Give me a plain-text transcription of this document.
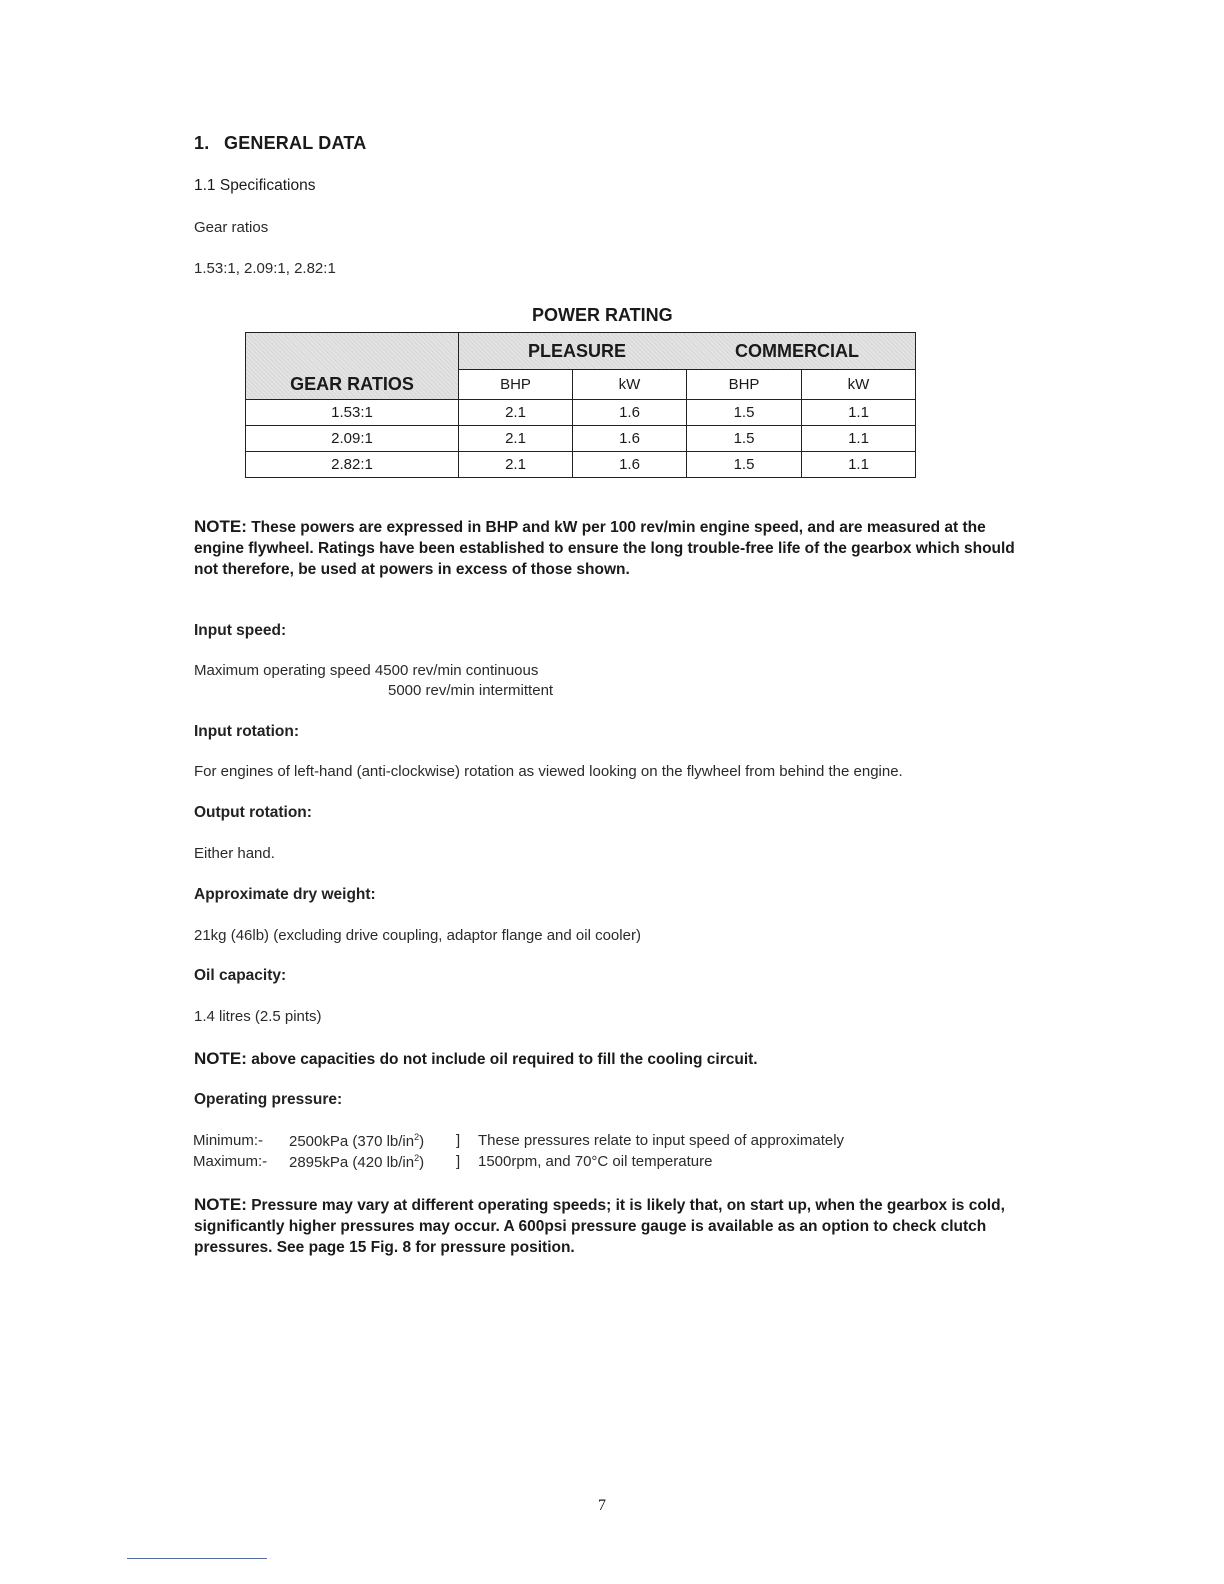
1. GENERAL DATA
1.1 Specifications
Gear ratios
1.53:1, 2.09:1, 2.82:1
POWER RATING
GEAR RATIOS	PLEASURE COMMERCIAL			
	BHP	kW	BHP	kW
1.53:1	2.1	1.6	1.5	1.1
2.09:1	2.1	1.6	1.5	1.1
2.82:1	2.1	1.6	1.5	1.1
NOTE: These powers are expressed in BHP and kW per 100 rev/min engine speed, and are measured at the engine flywheel. Ratings have been established to ensure the long trouble-free life of the gearbox which should not therefore, be used at powers in excess of those shown.
Input speed:
Maximum operating speed 4500 rev/min continuous
5000 rev/min intermittent
Input rotation:
For engines of left-hand (anti-clockwise) rotation as viewed looking on the flywheel from behind the engine.
Output rotation:
Either hand.
Approximate dry weight:
21kg (46lb) (excluding drive coupling, adaptor flange and oil cooler)
Oil capacity:
1.4 litres (2.5 pints)
NOTE: above capacities do not include oil required to fill the cooling circuit.
Operating pressure:
Minimum:- 2500kPa (370 $lb/in^2$) ] These pressures relate to input speed of approximately
Maximum:- 2895kPa (420 $lb/in^2$) ] 1500rpm, and 70°C oil temperature
NOTE: Pressure may vary at different operating speeds; it is likely that, on start up, when the gearbox is cold, significantly higher pressures may occur. A 600psi pressure gauge is available as an option to check clutch pressures. See page 15 Fig. 8 for pressure position.
7
